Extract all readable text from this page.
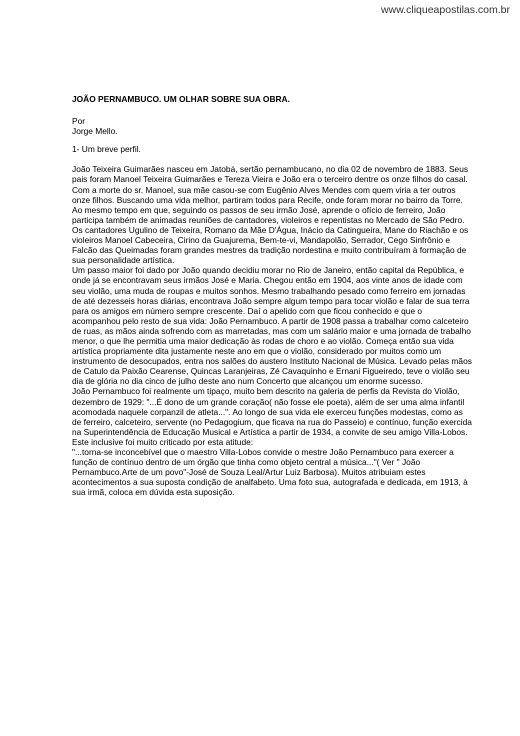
www.cliqueapostilas.com.br

JOÃO PERNAMBUCO. UM OLHAR SOBRE SUA OBRA.

Por

Jorge Mello.

1- Um breve perfil.

João Teixeira Guimarães nasceu em Jatobá, sertão pernambucano, no dia 02 de novembro de 1883. Seus pais foram Manoel Teixeira Guimarães e Tereza Vieira e João era o terceiro dentre os onze filhos do casal. Com a morte do sr. Manoel, sua mãe casou-se com Eugênio Alves Mendes com quem viria a ter outros onze filhos. Buscando uma vida melhor, partiram todos para Recife, onde foram morar no bairro da Torre.

Ao mesmo tempo em que, seguindo os passos de seu irmão José, aprende o ofício de ferreiro, João participa também de animadas reuniões de cantadores, violeiros e repentistas no Mercado de São Pedro. Os cantadores Ugulino de Teixeira, Romano da Mãe D'Água, Inácio da Catingueira, Mane do Riachão e os violeiros Manoel Cabeceira, Cirino da Guajurema, Bem-te-vi, Mandapolão, Serrador, Cego Sinfrônio e Falcão das Queimadas foram grandes mestres da tradição nordestina e muito contribuíram à formação de sua personalidade artística.

Um passo maior foi dado por João quando decidiu morar no Rio de Janeiro, então capital da República, e onde já se encontravam seus irmãos José e Maria. Chegou então em 1904, aos vinte anos de idade com seu violão, uma muda de roupas e muitos sonhos. Mesmo trabalhando pesado como ferreiro em jornadas de até dezesseis horas diárias, encontrava João sempre algum tempo para tocar violão e falar de sua terra para os amigos em número sempre crescente. Daí o apelido com que ficou conhecido e que o acompanhou pelo resto de sua vida: João Pernambuco. A partir de 1908 passa a trabalhar como calceteiro de ruas, as mãos ainda sofrendo com as marretadas, mas com um salário maior e uma jornada de trabalho menor, o que lhe permitia uma maior dedicação às rodas de choro e ao violão. Começa então sua vida artística propriamente dita justamente neste ano em que o violão, considerado por muitos como um instrumento de desocupados, entra nos salões do austero Instituto Nacional de Música. Levado pelas mãos de Catulo da Paixão Cearense, Quincas Laranjeiras, Zé Cavaquinho e Ernani Figueiredo, teve o violão seu dia de glória no dia cinco de julho deste ano num Concerto que alcançou um enorme sucesso.

João Pernambuco foi realmente um tipaço, muito bem descrito na galeria de perfis da Revista do Violão, dezembro de 1929: "...É dono de um grande coração( não fosse ele poeta), além de ser uma alma infantil acomodada naquele corpanzil de atleta...". Ao longo de sua vida ele exerceu funções modestas, como as de ferreiro, calceteiro, servente (no Pedagogium, que ficava na rua do Passeio) e contínuo, função exercida na Superintendência de Educação Musical e Artística a partir de 1934, a convite de seu amigo Villa-Lobos. Este inclusive foi muito criticado por esta atitude:

"...torna-se inconcebível que o maestro Villa-Lobos convide o mestre João Pernambuco para exercer a função de contínuo dentro de um órgão que tinha como objeto central a música..."( Ver " João Pernambuco.Arte de um povo"-José de Souza Leal/Artur Luiz Barbosa). Muitos atribuiam estes acontecimentos a sua suposta condição de analfabeto. Uma foto sua, autografada e dedicada, em 1913, à sua irmã, coloca em dúvida esta suposição.
